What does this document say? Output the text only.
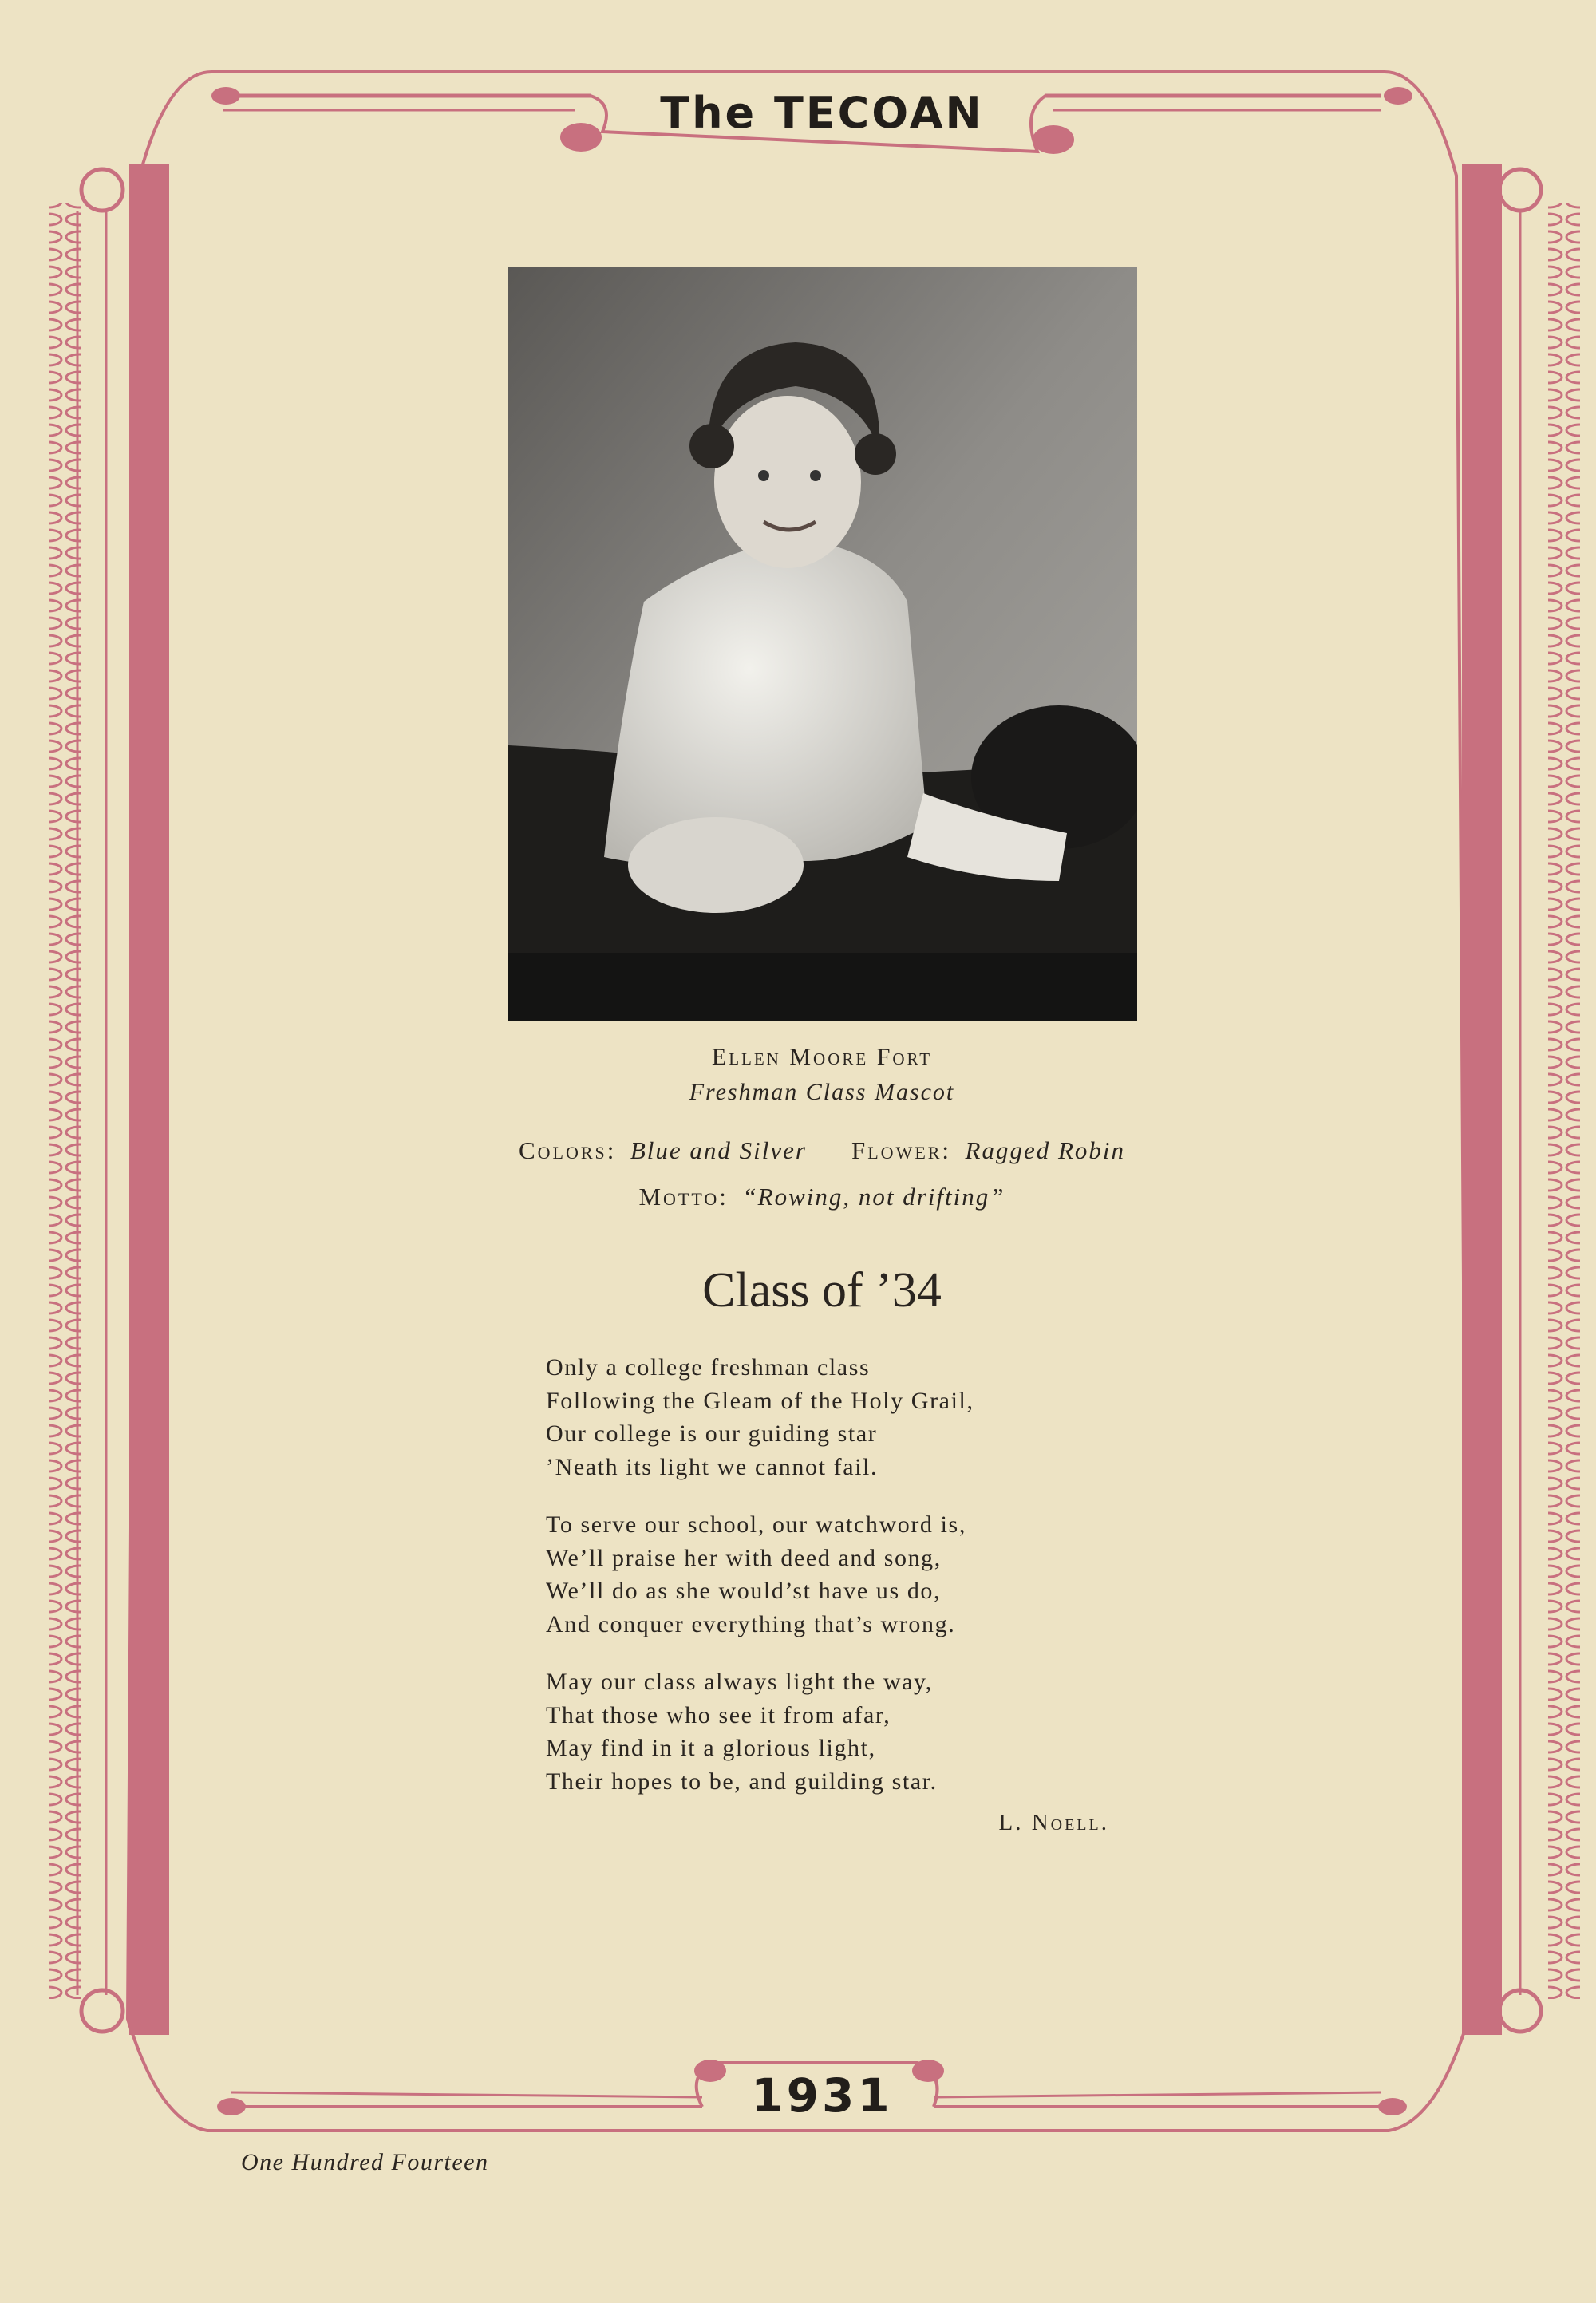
The TECOAN
Ellen Moore Fort
Freshman Class Mascot
Colors: Blue and Silver Flower: Ragged Robin
Motto: “Rowing, not drifting”
Class of ’34
Only a college freshman class
Following the Gleam of the Holy Grail,
Our college is our guiding star
’Neath its light we cannot fail.
To serve our school, our watchword is,
We’ll praise her with deed and song,
We’ll do as she would’st have us do,
And conquer everything that’s wrong.
May our class always light the way,
That those who see it from afar,
May find in it a glorious light,
Their hopes to be, and guilding star.
L. Noell.
1931
One Hundred Fourteen
